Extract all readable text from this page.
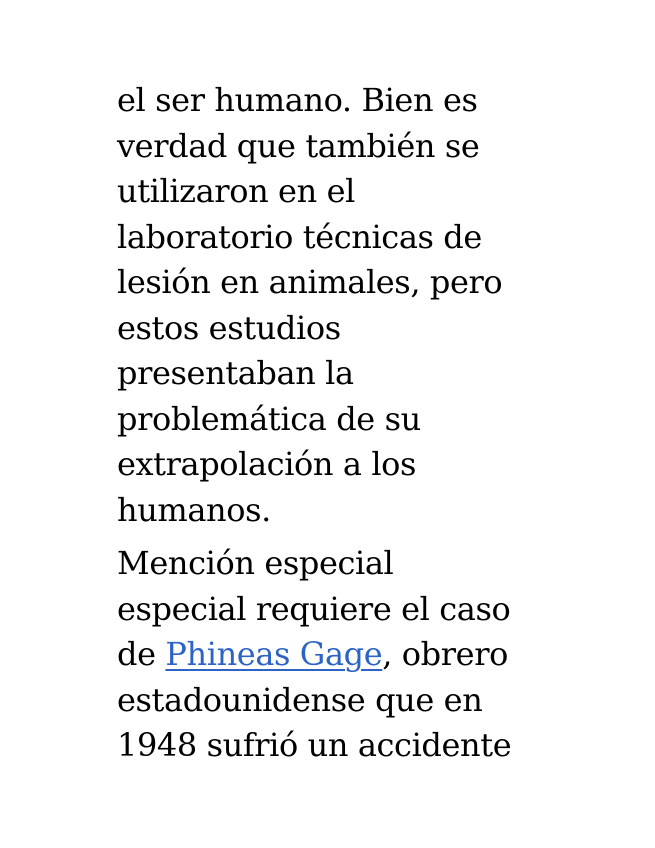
el ser humano. Bien es
verdad que también se
utilizaron en el
laboratorio técnicas de
lesión en animales, pero
estos estudios
presentaban la
problemática de su
extrapolación a los
humanos.

Mención especial
especial requiere el caso
de Phineas Gage, obrero
estadounidense que en
1948 sufrió un accidente
